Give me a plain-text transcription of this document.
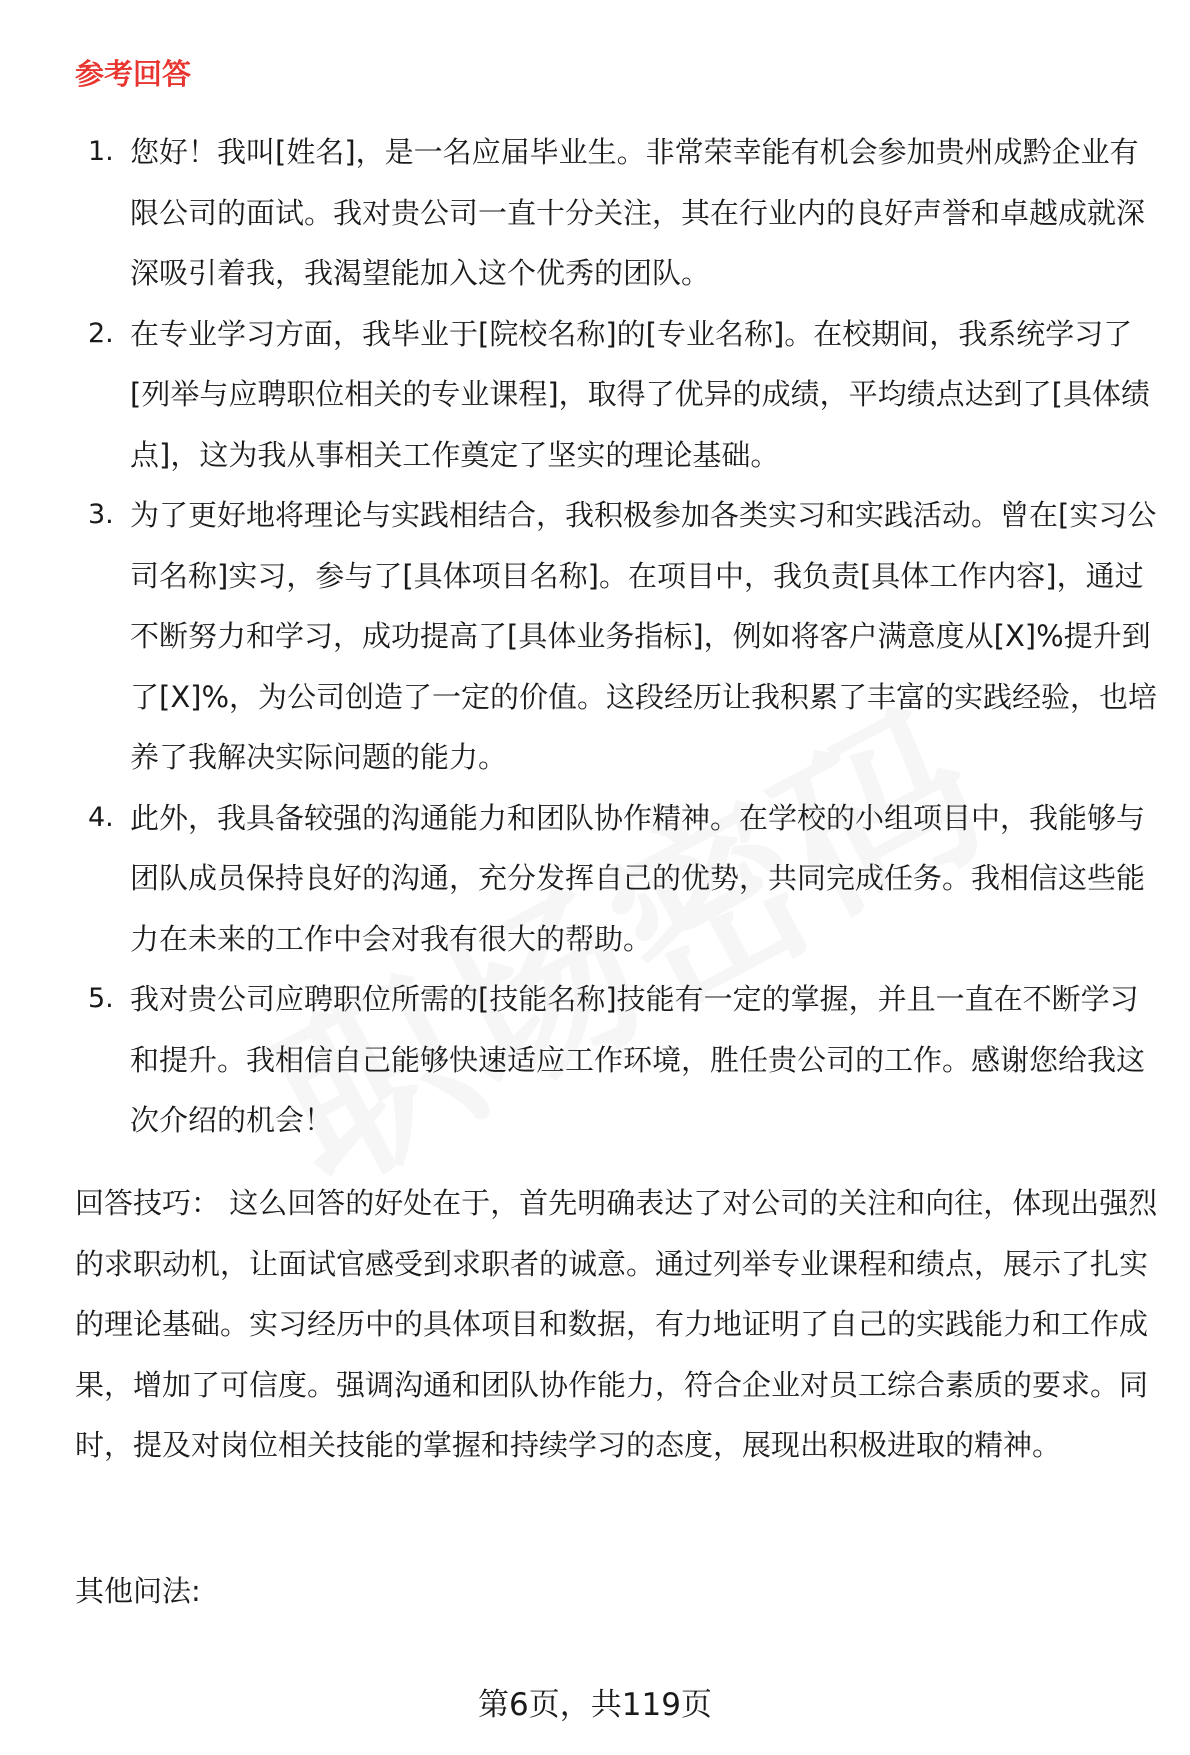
参考回答
1. 您好！我叫[姓名]，是一名应届毕业生。非常荣幸能有机会参加贵州成黔企业有限公司的面试。我对贵公司一直十分关注，其在行业内的良好声誉和卓越成就深深吸引着我，我渴望能加入这个优秀的团队。
2. 在专业学习方面，我毕业于[院校名称]的[专业名称]。在校期间，我系统学习了[列举与应聘职位相关的专业课程]，取得了优异的成绩，平均绩点达到了[具体绩点]，这为我从事相关工作奠定了坚实的理论基础。
3. 为了更好地将理论与实践相结合，我积极参加各类实习和实践活动。曾在[实习公司名称]实习，参与了[具体项目名称]。在项目中，我负责[具体工作内容]，通过不断努力和学习，成功提高了[具体业务指标]，例如将客户满意度从[X]%提升到了[X]%，为公司创造了一定的价值。这段经历让我积累了丰富的实践经验，也培养了我解决实际问题的能力。
4. 此外，我具备较强的沟通能力和团队协作精神。在学校的小组项目中，我能够与团队成员保持良好的沟通，充分发挥自己的优势，共同完成任务。我相信这些能力在未来的工作中会对我有很大的帮助。
5. 我对贵公司应聘职位所需的[技能名称]技能有一定的掌握，并且一直在不断学习和提升。我相信自己能够快速适应工作环境，胜任贵公司的工作。感谢您给我这次介绍的机会！

回答技巧： 这么回答的好处在于，首先明确表达了对公司的关注和向往，体现出强烈的求职动机，让面试官感受到求职者的诚意。通过列举专业课程和绩点，展示了扎实的理论基础。实习经历中的具体项目和数据，有力地证明了自己的实践能力和工作成果，增加了可信度。强调沟通和团队协作能力，符合企业对员工综合素质的要求。同时，提及对岗位相关技能的掌握和持续学习的态度，展现出积极进取的精神。

其他问法:

第6页，共119页
